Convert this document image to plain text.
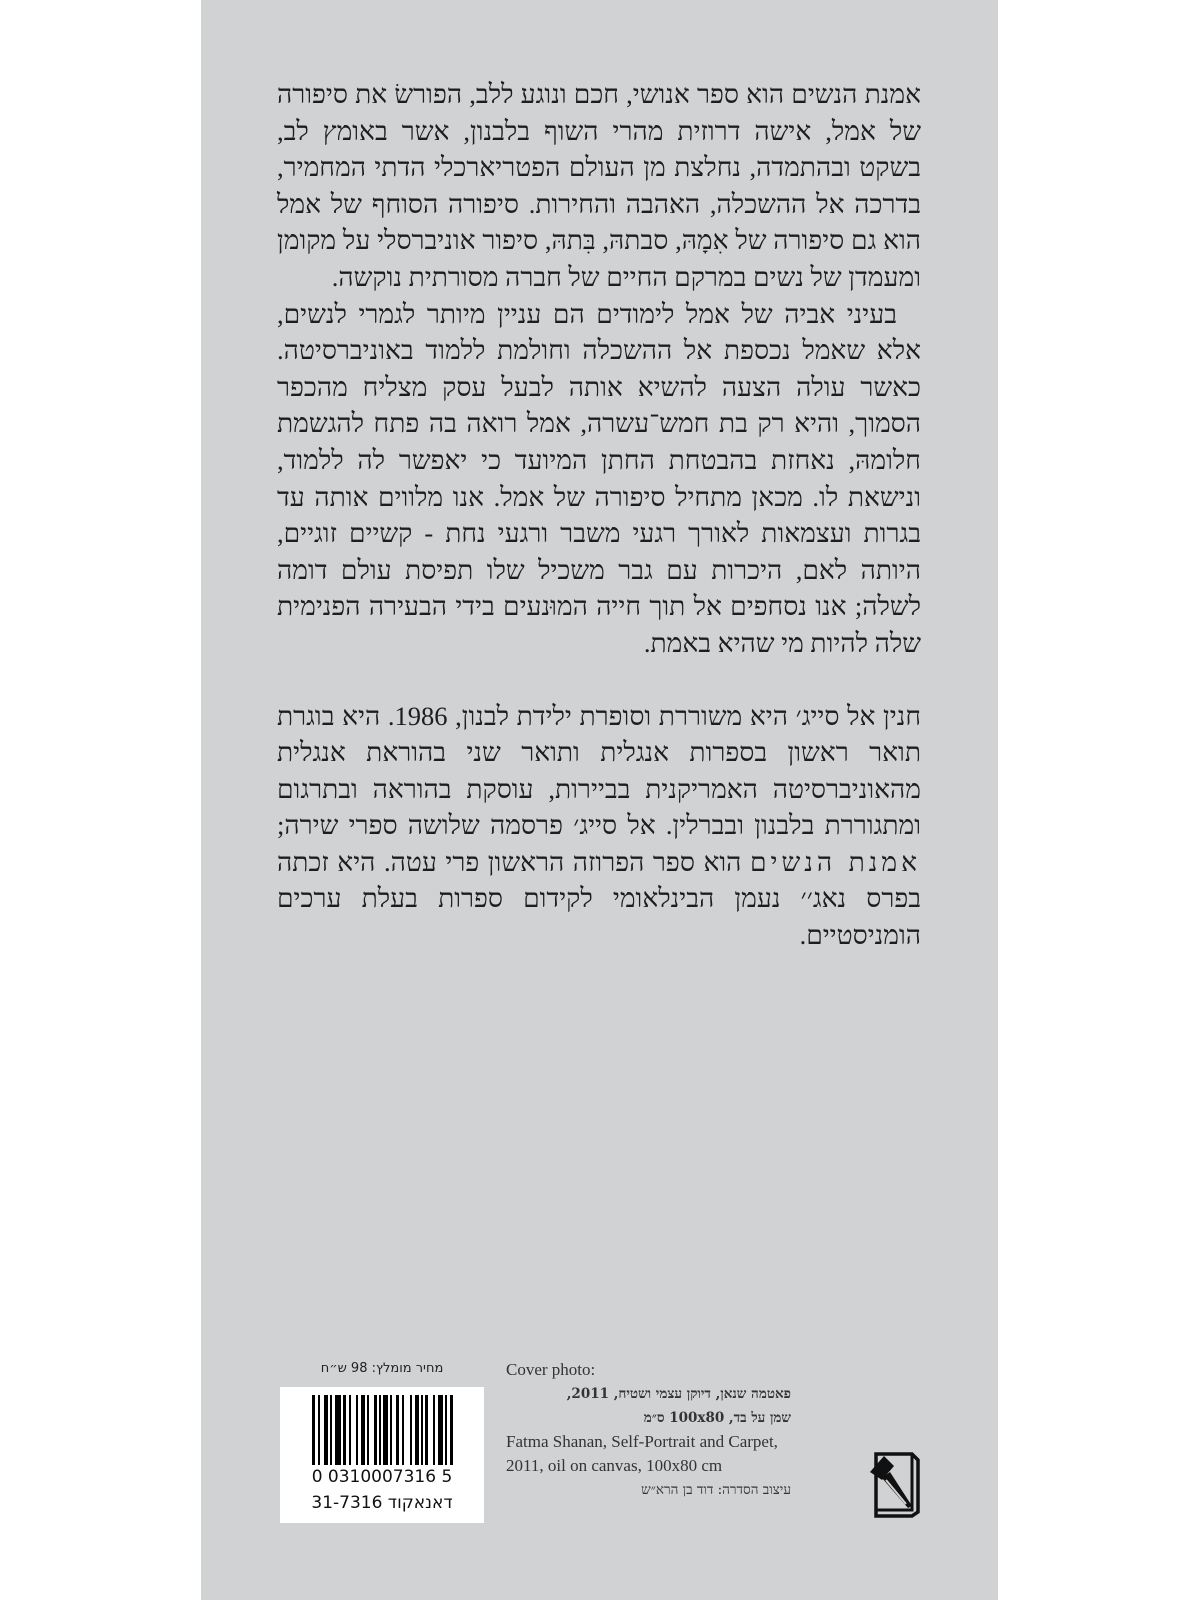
אמנת הנשים הוא ספר אנושי, חכם ונוגע ללב, הפורשׂ את סיפורה של אמל, אישה דרוזית מהרי השוף בלבנון, אשר באומץ לב, בשקט ובהתמדה, נחלצת מן העולם הפטריארכלי הדתי המחמיר, בדרכה אל ההשכלה, האהבה והחירות. סיפורה הסוחף של אמל הוא גם סיפורה של אִמָהּ, סבתהּ, בִּתהּ, סיפור אוניברסלי על מקומן ומעמדן של נשים במרקם החיים של חברה מסורתית נוקשה.

בעיני אביה של אמל לימודים הם עניין מיותר לגמרי לנשים, אלא שאמל נכספת אל ההשכלה וחולמת ללמוד באוניברסיטה. כאשר עולה הצעה להשיא אותה לבעל עסק מצליח מהכפר הסמוך, והיא רק בת חמש־עשרה, אמל רואה בה פתח להגשמת חלומהּ, נאחזת בהבטחת החתן המיועד כי יאפשר לה ללמוד, ונישאת לו. מכאן מתחיל סיפורה של אמל. אנו מלווים אותה עד בגרות ועצמאות לאורך רגעי משבר ורגעי נחת - קשיים זוגיים, היותה לאם, היכרות עם גבר משכיל שלו תפיסת עולם דומה לשלה; אנו נסחפים אל תוך חייה המוּנעים בידי הבעירה הפנימית שלה להיות מי שהיא באמת.

חנין אל סייג׳ היא משוררת וסופרת ילידת לבנון, 1986. היא בוגרת תואר ראשון בספרות אנגלית ותואר שני בהוראת אנגלית מהאוניברסיטה האמריקנית בביירות, עוסקת בהוראה ובתרגום ומתגוררת בלבנון ובברלין. אל סייג׳ פרסמה שלושה ספרי שירה; אמנת הנשים הוא ספר הפרוזה הראשון פרי עטה. היא זכתה בפרס נאג׳׳ נעמן הבינלאומי לקידום ספרות בעלת ערכים הומניסטיים.

מחיר מומלץ: 98 ש״ח
0 0310007316 5
דאנאקוד 31-7316
Cover photo:
פאטמה שנאן, דיוקן עצמי ושטיח, 2011,
שמן על בד, 100x80 ס״מ
Fatma Shanan, Self-Portrait and Carpet,
2011, oil on canvas, 100x80 cm
עיצוב הסדרה: דוד בן הרא״ש
